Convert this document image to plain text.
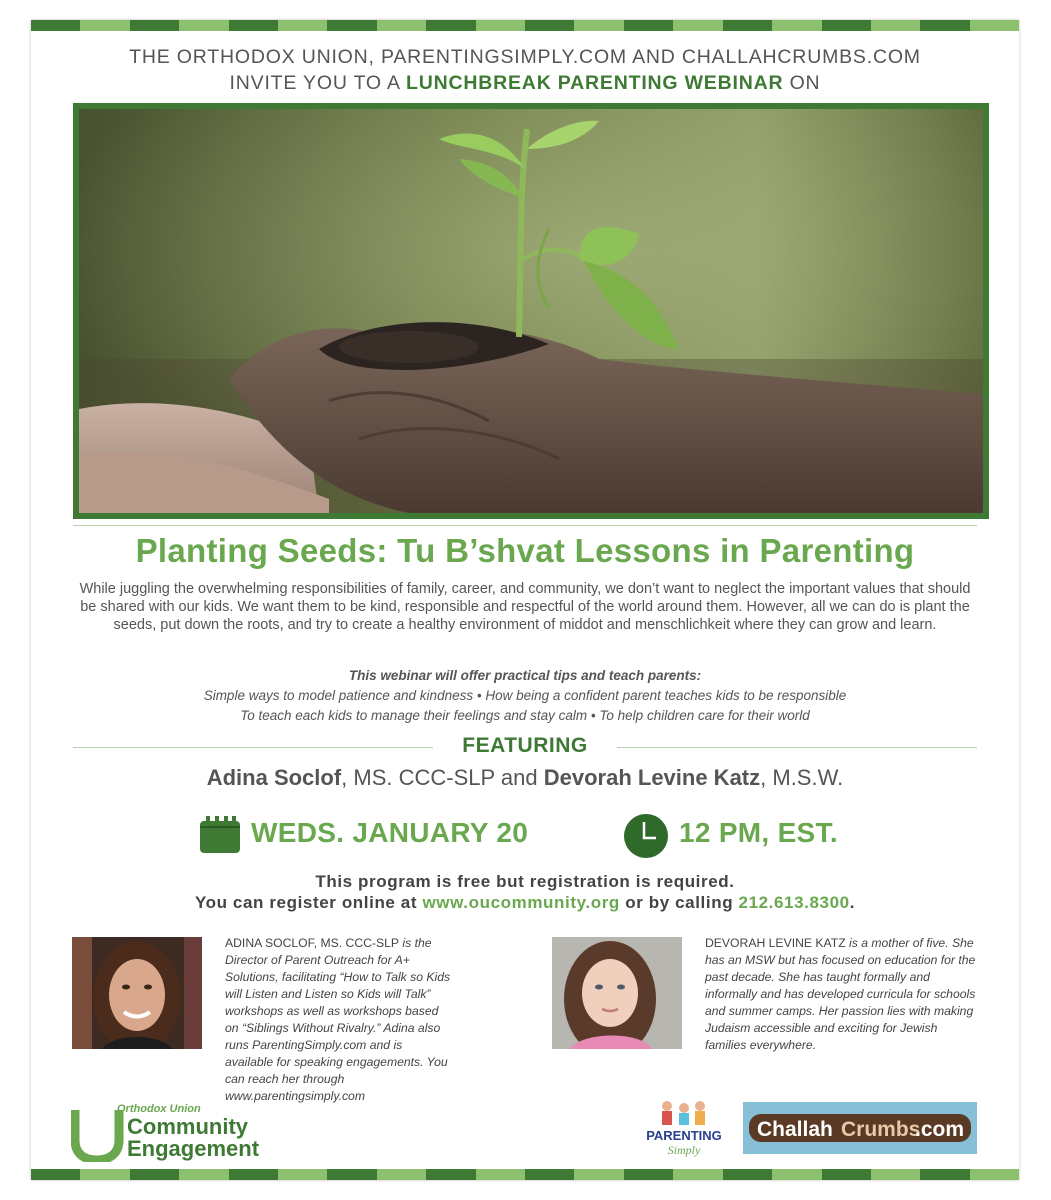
THE ORTHODOX UNION, PARENTINGSIMPLY.COM AND CHALLAHCRUMBS.COM
INVITE YOU TO A LUNCHBREAK PARENTING WEBINAR ON
Planting Seeds: Tu B’shvat Lessons in Parenting
While juggling the overwhelming responsibilities of family, career, and community, we don’t want to neglect the important values that should be shared with our kids. We want them to be kind, responsible and respectful of the world around them. However, all we can do is plant the seeds, put down the roots, and try to create a healthy environment of middot and menschlichkeit where they can grow and learn.
This webinar will offer practical tips and teach parents:
Simple ways to model patience and kindness • How being a confident parent teaches kids to be responsible
To teach each kids to manage their feelings and stay calm • To help children care for their world
FEATURING
Adina Soclof, MS. CCC-SLP and Devorah Levine Katz, M.S.W.
WEDS. JANUARY 20	12 PM, EST.
This program is free but registration is required.
You can register online at www.oucommunity.org or by calling 212.613.8300.
ADINA SOCLOF, MS. CCC-SLP is the Director of Parent Outreach for A+ Solutions, facilitating “How to Talk so Kids will Listen and Listen so Kids will Talk” workshops as well as workshops based on “Siblings Without Rivalry.” Adina also runs ParentingSimply.com and is available for speaking engagements. You can reach her through www.parentingsimply.com
DEVORAH LEVINE KATZ is a mother of five. She has an MSW but has focused on education for the past decade. She has taught formally and informally and has developed curricula for schools and summer camps. Her passion lies with making Judaism accessible and exciting for Jewish families everywhere.
Orthodox Union
Community
Engagement
PARENTING
Simply
Challah Crumbs
.com
